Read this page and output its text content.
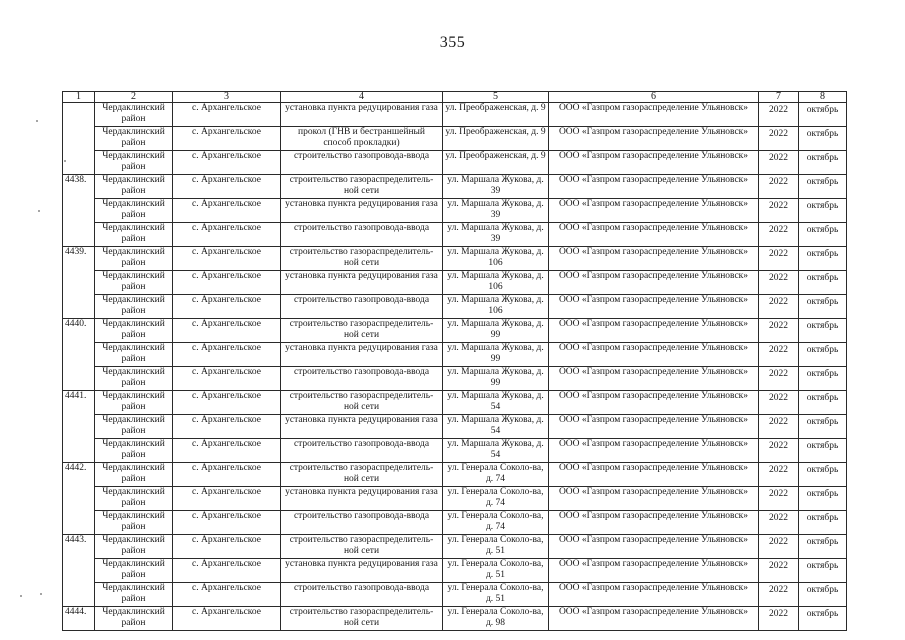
355
1	2	3	4	5	6	7	8
	Чердаклинский район	с. Архангельское	установка пункта редуцирования газа	ул. Преображенская, д. 9	ООО «Газпром газораспределение Ульяновск»	2022	октябрь
	Чердаклинский район	с. Архангельское	прокол (ГНВ и бестраншейный способ прокладки)	ул. Преображенская, д. 9	ООО «Газпром газораспределение Ульяновск»	2022	октябрь
	Чердаклинский район	с. Архангельское	строительство газопровода-ввода	ул. Преображенская, д. 9	ООО «Газпром газораспределение Ульяновск»	2022	октябрь
4438.	Чердаклинский район	с. Архангельское	строительство газораспределитель-ной сети	ул. Маршала Жукова, д. 39	ООО «Газпром газораспределение Ульяновск»	2022	октябрь
	Чердаклинский район	с. Архангельское	установка пункта редуцирования газа	ул. Маршала Жукова, д. 39	ООО «Газпром газораспределение Ульяновск»	2022	октябрь
	Чердаклинский район	с. Архангельское	строительство газопровода-ввода	ул. Маршала Жукова, д. 39	ООО «Газпром газораспределение Ульяновск»	2022	октябрь
4439.	Чердаклинский район	с. Архангельское	строительство газораспределитель-ной сети	ул. Маршала Жукова, д. 106	ООО «Газпром газораспределение Ульяновск»	2022	октябрь
	Чердаклинский район	с. Архангельское	установка пункта редуцирования газа	ул. Маршала Жукова, д. 106	ООО «Газпром газораспределение Ульяновск»	2022	октябрь
	Чердаклинский район	с. Архангельское	строительство газопровода-ввода	ул. Маршала Жукова, д. 106	ООО «Газпром газораспределение Ульяновск»	2022	октябрь
4440.	Чердаклинский район	с. Архангельское	строительство газораспределитель-ной сети	ул. Маршала Жукова, д. 99	ООО «Газпром газораспределение Ульяновск»	2022	октябрь
	Чердаклинский район	с. Архангельское	установка пункта редуцирования газа	ул. Маршала Жукова, д. 99	ООО «Газпром газораспределение Ульяновск»	2022	октябрь
	Чердаклинский район	с. Архангельское	строительство газопровода-ввода	ул. Маршала Жукова, д. 99	ООО «Газпром газораспределение Ульяновск»	2022	октябрь
4441.	Чердаклинский район	с. Архангельское	строительство газораспределитель-ной сети	ул. Маршала Жукова, д. 54	ООО «Газпром газораспределение Ульяновск»	2022	октябрь
	Чердаклинский район	с. Архангельское	установка пункта редуцирования газа	ул. Маршала Жукова, д. 54	ООО «Газпром газораспределение Ульяновск»	2022	октябрь
	Чердаклинский район	с. Архангельское	строительство газопровода-ввода	ул. Маршала Жукова, д. 54	ООО «Газпром газораспределение Ульяновск»	2022	октябрь
4442.	Чердаклинский район	с. Архангельское	строительство газораспределитель-ной сети	ул. Генерала Соколо-ва, д. 74	ООО «Газпром газораспределение Ульяновск»	2022	октябрь
	Чердаклинский район	с. Архангельское	установка пункта редуцирования газа	ул. Генерала Соколо-ва, д. 74	ООО «Газпром газораспределение Ульяновск»	2022	октябрь
	Чердаклинский район	с. Архангельское	строительство газопровода-ввода	ул. Генерала Соколо-ва, д. 74	ООО «Газпром газораспределение Ульяновск»	2022	октябрь
4443.	Чердаклинский район	с. Архангельское	строительство газораспределитель-ной сети	ул. Генерала Соколо-ва, д. 51	ООО «Газпром газораспределение Ульяновск»	2022	октябрь
	Чердаклинский район	с. Архангельское	установка пункта редуцирования газа	ул. Генерала Соколо-ва, д. 51	ООО «Газпром газораспределение Ульяновск»	2022	октябрь
	Чердаклинский район	с. Архангельское	строительство газопровода-ввода	ул. Генерала Соколо-ва, д. 51	ООО «Газпром газораспределение Ульяновск»	2022	октябрь
4444.	Чердаклинский район	с. Архангельское	строительство газораспределитель-ной сети	ул. Генерала Соколо-ва, д. 98	ООО «Газпром газораспределение Ульяновск»	2022	октябрь
